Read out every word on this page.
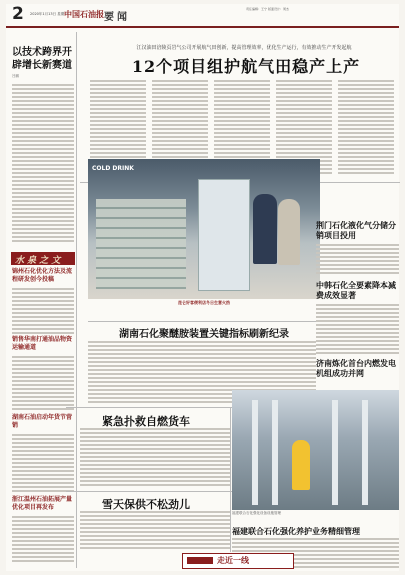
2 2020年1月13日 星期一
中国石油报 要闻
责任编辑：王宁 版面设计：周杰
以技术跨界开辟增长新赛道
吕鹏
水 泉 之 文
锦州石化优化方法及流程研发创今投稿
销售华南打通油品物资运输通道
湖南石油启动年货节营销
浙江温州石油拓展产量优化项目再发布
江汉油田涪陵页岩气公司开展航气田创新，提高管理效率，优化生产运行，有效推动生产开发起航
12个项目组护航气田稳产上产
COLD DRINK
昆仑好客便利店冬日生意火热
荆门石化液化气分储分销项目投用
中韩石化全要素降本减费成效显著
济南炼化首台内燃发电机组成功并网
湖南石化聚醚胺装置关键指标刷新纪录
紧急扑救自燃货车
雪天保供不松劲儿
福建联合石化强化设备设施管理
福建联合石化强化养护业务精细管理
走近一线
